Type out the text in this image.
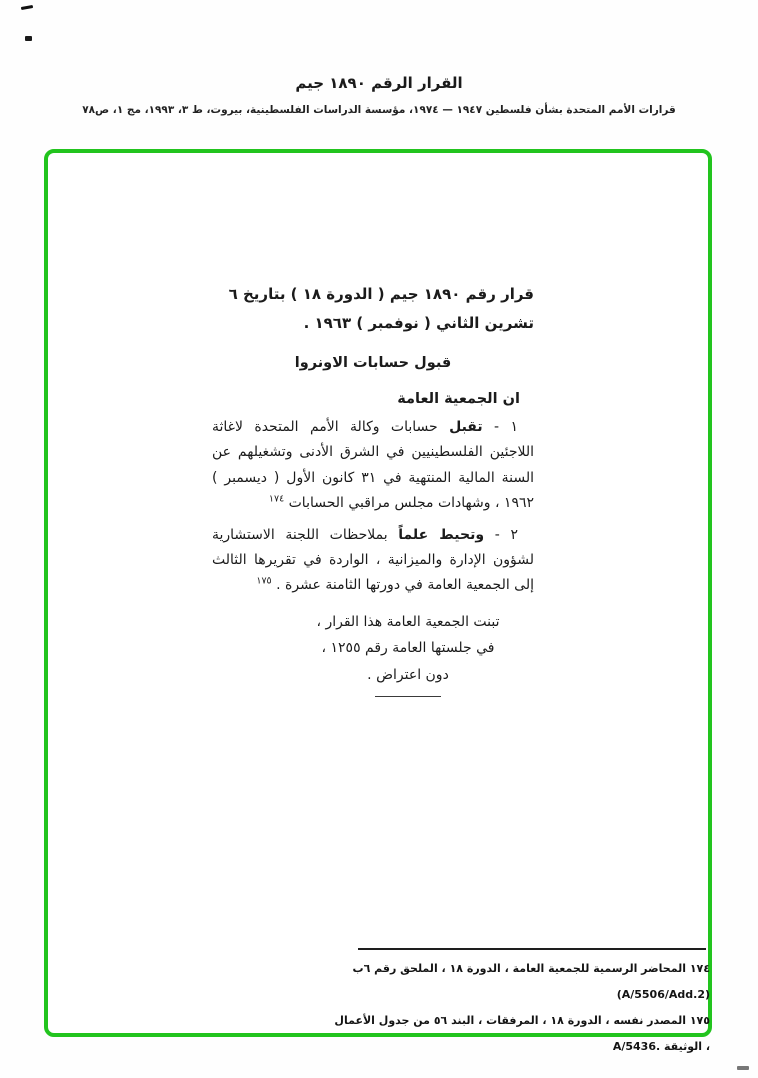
القرار الرقم ١٨٩٠ جيم
قرارات الأمم المتحدة بشأن فلسطين ١٩٤٧ — ١٩٧٤، مؤسسة الدراسات الفلسطينية، بيروت، ط ٣، ١٩٩٣، مج ١، ص٧٨

قرار رقم ١٨٩٠ جيم ( الدورة ١٨ ) بتاريخ ٦ تشرين الثاني ( نوفمبر ) ١٩٦٣ .

قبول حسابات الاونروا

ان الجمعية العامة

١ - تقبل حسابات وكالة الأمم المتحدة لاغاثة اللاجئين الفلسطينيين في الشرق الأدنى وتشغيلهم عن السنة المالية المنتهية في ٣١ كانون الأول ( ديسمبر ) ١٩٦٢ ، وشهادات مجلس مراقبي الحسابات $^{١٧٤}$

٢ - وتحيط علماً بملاحظات اللجنة الاستشارية لشؤون الإدارة والميزانية ، الواردة في تقريرها الثالث إلى الجمعية العامة في دورتها الثامنة عشرة . $^{١٧٥}$

تبنت الجمعية العامة هذا القرار ،
في جلستها العامة رقم ١٢٥٥ ،
دون اعتراض .
١٧٤ المحاضر الرسمية للجمعية العامة ، الدورة ١٨ ، الملحق رقم ٦ب (A/5506/Add.2)
١٧٥ المصدر نفسه ، الدورة ١٨ ، المرفقات ، البند ٥٦ من جدول الأعمال ، الوثيقة A/5436.
